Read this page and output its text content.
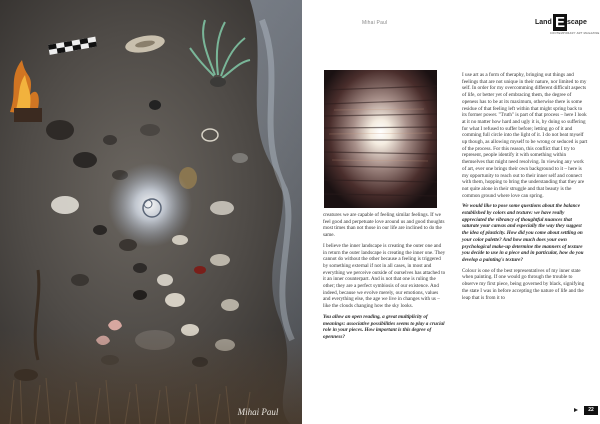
Mihai Paul
Mihai Paul	Land E scape
CONTEMPORARY ART MAGAZINE

creatures we are capable of feeling similar feelings. If we feel good and perpetuate love around us and good thoughts most times than not those in our life are inclined to do the same.

I believe the inner landscape is creating the outer one and in return the outer landscape is creating the inner one. They cannot do without the other because a feeling is triggered by something external if not in all cases, in most and everything we perceive outside of ourselves has attached to it an inner counterpart. And is not that one is ruling the other; they are a perfect symbiosis of our existence. And indeed, because we evolve merely, our emotions, values and everything else, the age we live in changes with us – like the clouds changing how the sky looks.

You allow an open reading, a great multiplicity of meanings: associative possibilities seems to play a crucial role in your pieces. How important is this degree of openness?

I use art as a form of theraphy, bringing out things and feelings that are not unique in their nature, nor limited to my self. In order for my overcomming different difficult aspects of life, or better yet of embracing them, the degree of openess has to be at its maximum, otherwise there is some residue of that feeling left within that might spring back to its former power. "Truth" is part of that process – here I look at it no matter how hard and ugly it is, by doing so suffering for what I refused to suffer before; letting go of it and comming full circle into the light of it. I do not beat myself up though, as allowing myself to be wrong or seduced is part of the process. For this reason, this conflict that I try to represent, people identify it with something within themselves that might need resolving. In viewing any work of art, ever one brings their own background to it – here is my opportunity to reach out to their inner self and connect with them, hopping to bring the understanding that they are not quite alone in their struggle and that beauty is the common ground where love can spring.

We would like to pose some questions about the balance established by colors and texture: we have really appreciated the vibrancy of thoughtful nuances that saturate your canvas and especially the way they suggest the idea of plasticity. How did you come about settling on your color palette? And how much does your own psychological make-up determine the manners of texture you decide to use in a piece and in particular, how do you develop a painting's texture?

Colour is one of the best representatives of my inner state when painting. If one would go through the trouble to observe my first piece, being governed by black, signifying the state I was in before accepting the nature of life and the leap that is from it to

22
